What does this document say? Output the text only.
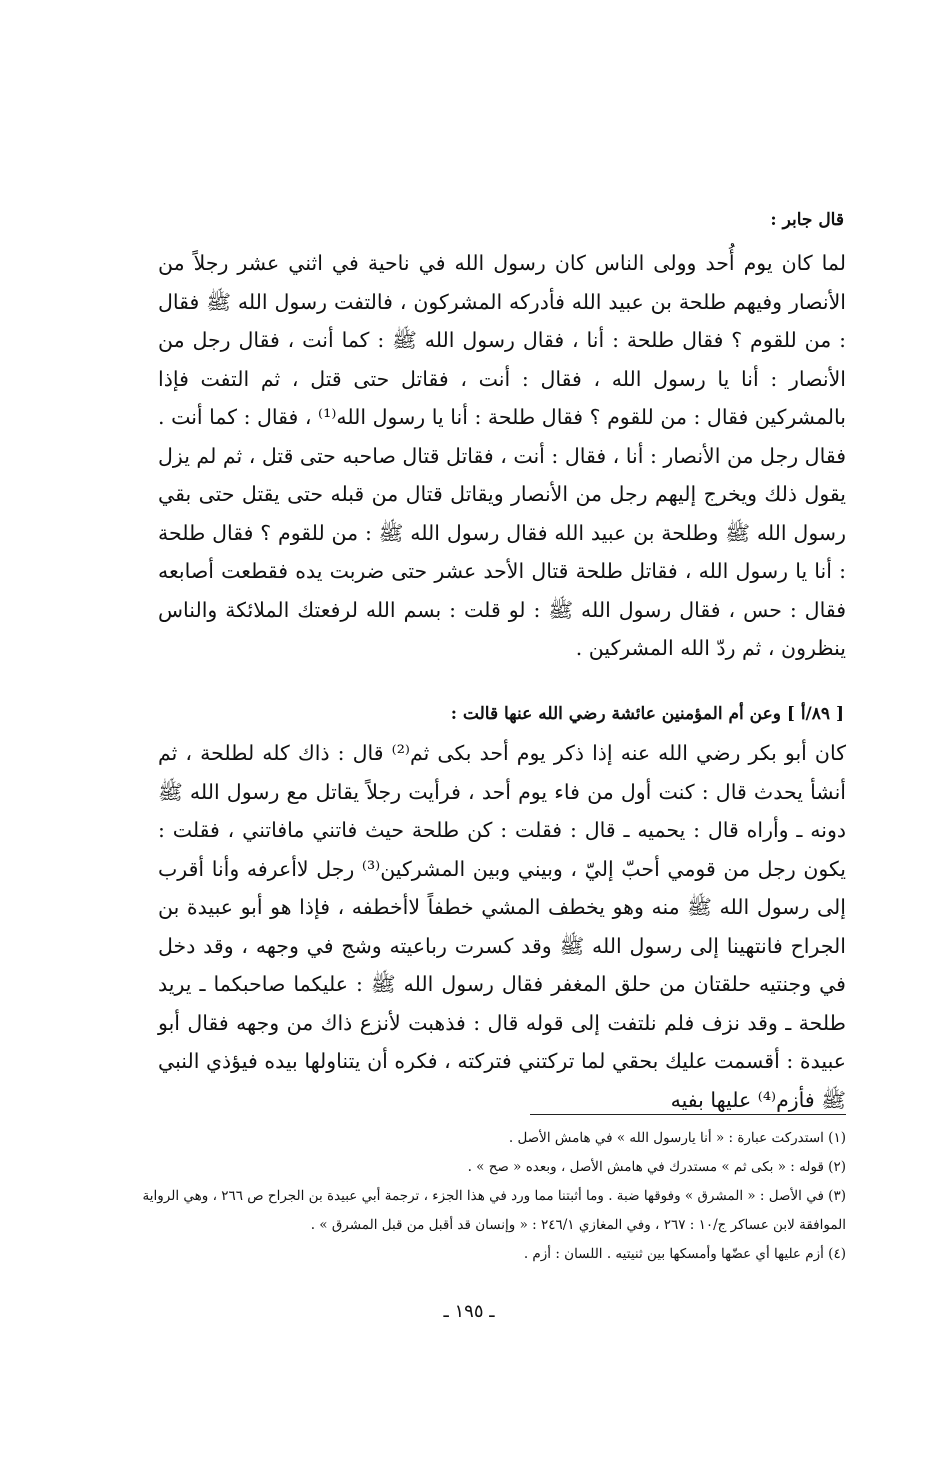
قال جابر :

لما كان يوم أُحد وولى الناس كان رسول الله في ناحية في اثني عشر رجلاً من الأنصار وفيهم طلحة بن عبيد الله فأدركه المشركون ، فالتفت رسول الله ﷺ فقال : من للقوم ؟ فقال طلحة : أنا ، فقال رسول الله ﷺ : كما أنت ، فقال رجل من الأنصار : أنا يا رسول الله ، فقال : أنت ، فقاتل حتى قتل ، ثم التفت فإذا بالمشركين فقال : من للقوم ؟ فقال طلحة : أنا يا رسول الله⁽¹⁾ ، فقال : كما أنت . فقال رجل من الأنصار : أنا ، فقال : أنت ، فقاتل قتال صاحبه حتى قتل ، ثم لم يزل يقول ذلك ويخرج إليهم رجل من الأنصار ويقاتل قتال من قبله حتى يقتل حتى بقي رسول الله ﷺ وطلحة بن عبيد الله فقال رسول الله ﷺ : من للقوم ؟ فقال طلحة : أنا يا رسول الله ، فقاتل طلحة قتال الأحد عشر حتى ضربت يده فقطعت أصابعه فقال : حس ، فقال رسول الله ﷺ : لو قلت : بسم الله لرفعتك الملائكة والناس ينظرون ، ثم ردّ الله المشركين .

[ ٨٩/أ ] وعن أم المؤمنين عائشة رضي الله عنها قالت :

كان أبو بكر رضي الله عنه إذا ذكر يوم أحد بكى ثم⁽²⁾ قال : ذاك كله لطلحة ، ثم أنشأ يحدث قال : كنت أول من فاء يوم أحد ، فرأيت رجلاً يقاتل مع رسول الله ﷺ دونه ـ وأراه قال : يحميه ـ قال : فقلت : كن طلحة حيث فاتني مافاتني ، فقلت : يكون رجل من قومي أحبّ إليّ ، وبيني وبين المشركين⁽³⁾ رجل لاأعرفه وأنا أقرب إلى رسول الله ﷺ منه وهو يخطف المشي خطفاً لاأخطفه ، فإذا هو أبو عبيدة بن الجراح فانتهينا إلى رسول الله ﷺ وقد كسرت رباعيته وشج في وجهه ، وقد دخل في وجنتيه حلقتان من حلق المغفر فقال رسول الله ﷺ : عليكما صاحبكما ـ يريد طلحة ـ وقد نزف فلم نلتفت إلى قوله قال : فذهبت لأنزع ذاك من وجهه فقال أبو عبيدة : أقسمت عليك بحقي لما تركتني فتركته ، فكره أن يتناولها بيده فيؤذي النبي ﷺ فأزم⁽⁴⁾ عليها بفيه

(١) استدركت عبارة : « أنا يارسول الله » في هامش الأصل .

(٢) قوله : « بكى ثم » مستدرك في هامش الأصل ، وبعده « صح » .

(٣) في الأصل : « المشرق » وفوقها ضبة . وما أثبتنا مما ورد في هذا الجزء ، ترجمة أبي عبيدة بن الجراح ص ٢٦٦ ، وهي الرواية الموافقة لابن عساكر ج/١٠ : ٢٦٧ ، وفي المغازي ٢٤٦/١ : « وإنسان قد أقبل من قبل المشرق » .

(٤) أزم عليها أي عضّها وأمسكها بين ثنيتيه . اللسان : أزم .

ـ ١٩٥ ـ
